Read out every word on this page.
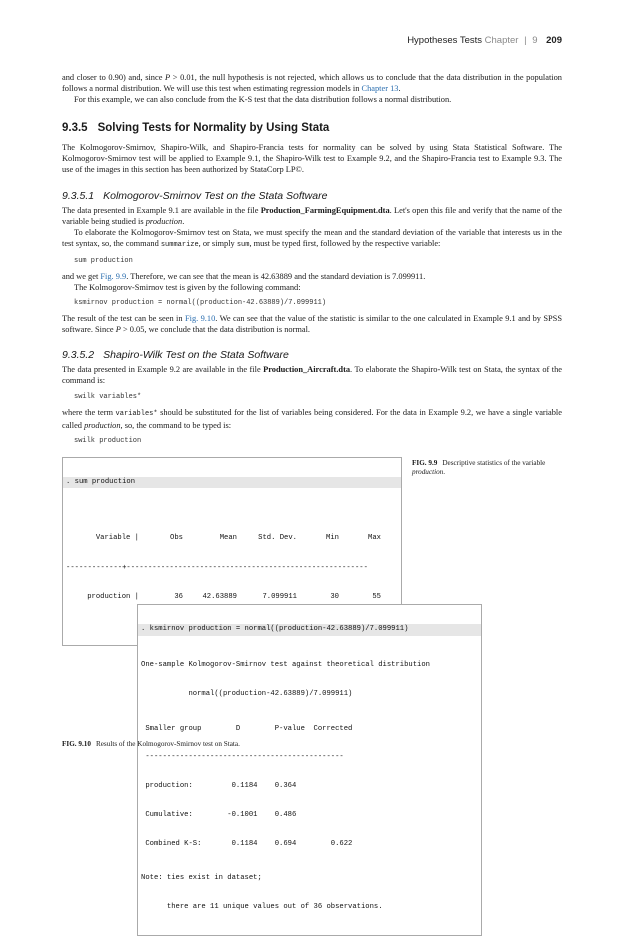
Hypotheses Tests Chapter | 9 209

and closer to 0.90) and, since P > 0.01, the null hypothesis is not rejected, which allows us to conclude that the data distribution in the population follows a normal distribution. We will use this test when estimating regression models in Chapter 13.

For this example, we can also conclude from the K-S test that the data distribution follows a normal distribution.

9.3.5 Solving Tests for Normality by Using Stata

The Kolmogorov-Smirnov, Shapiro-Wilk, and Shapiro-Francia tests for normality can be solved by using Stata Statistical Software. The Kolmogorov-Smirnov test will be applied to Example 9.1, the Shapiro-Wilk test to Example 9.2, and the Shapiro-Francia test to Example 9.3. The use of the images in this section has been authorized by StataCorp LP©.

9.3.5.1 Kolmogorov-Smirnov Test on the Stata Software

The data presented in Example 9.1 are available in the file Production_FarmingEquipment.dta. Let's open this file and verify that the name of the variable being studied is production.

To elaborate the Kolmogorov-Smirnov test on Stata, we must specify the mean and the standard deviation of the variable that interests us in the test syntax, so, the command summarize, or simply sum, must be typed first, followed by the respective variable:

sum production

and we get Fig. 9.9. Therefore, we can see that the mean is 42.63889 and the standard deviation is 7.099911.

The Kolmogorov-Smirnov test is given by the following command:

ksmirnov production = normal((production-42.63889)/7.099911)

The result of the test can be seen in Fig. 9.10. We can see that the value of the statistic is similar to the one calculated in Example 9.1 and by SPSS software. Since P > 0.05, we conclude that the data distribution is normal.

9.3.5.2 Shapiro-Wilk Test on the Stata Software

The data presented in Example 9.2 are available in the file Production_Aircraft.dta. To elaborate the Shapiro-Wilk test on Stata, the syntax of the command is:

swilk variables*

where the term variables* should be substituted for the list of variables being considered. For the data in Example 9.2, we have a single variable called production, so, the command to be typed is:

swilk production

. sum production

Variable |	Obs	Mean	Std. Dev.	Min	Max

-------------+--------------------------------------------------------

production |	36	42.63889	7.099911	30	55

FIG. 9.9 Descriptive statistics of the variable production.

. ksmirnov production = normal((production-42.63889)/7.099911)

One-sample Kolmogorov-Smirnov test against theoretical distribution

normal((production-42.63889)/7.099911)

Smaller group        D        P-value  Corrected

----------------------------------------------

production:         0.1184    0.364

Cumulative:        -0.1001    0.486

Combined K-S:       0.1184    0.694        0.622

Note: ties exist in dataset;

there are 11 unique values out of 36 observations.

FIG. 9.10 Results of the Kolmogorov-Smirnov test on Stata.
